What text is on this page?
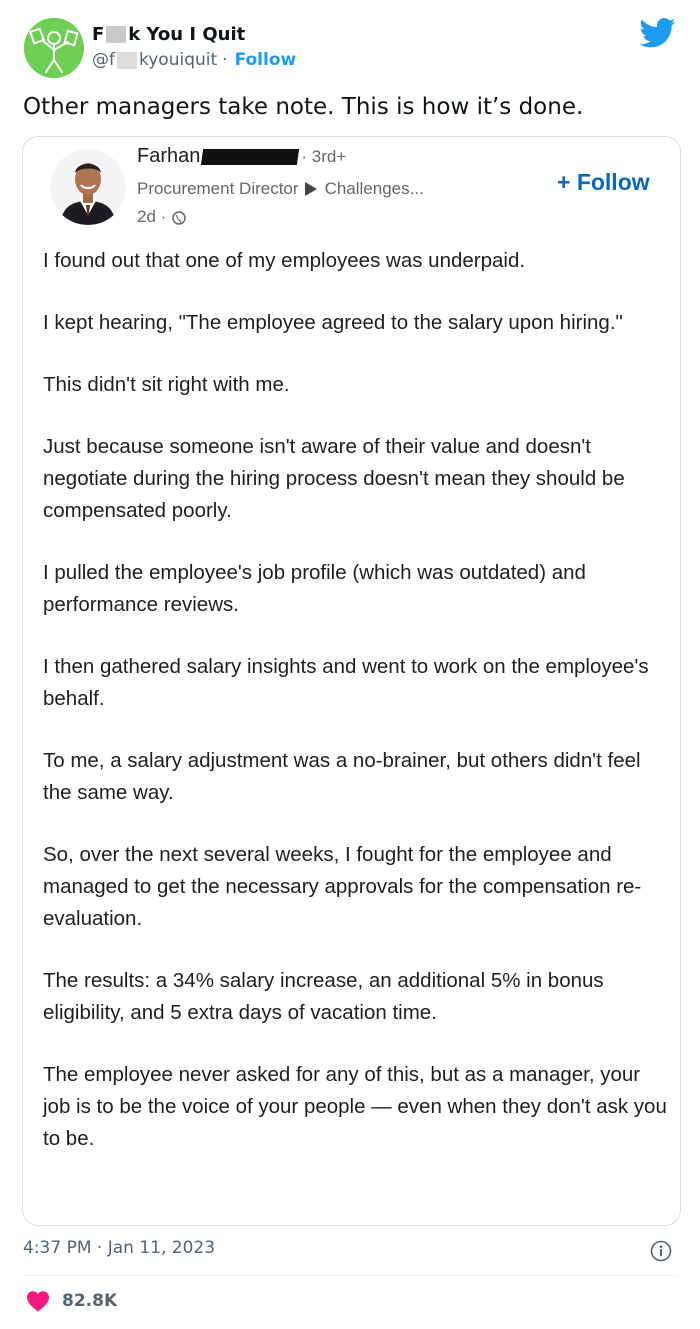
F k You I Quit
@f kyouiquit · Follow
Other managers take note. This is how it’s done.
Farhan	· 3rd+
Procurement Director Challenges...
2d ·
+ Follow

I found out that one of my employees was underpaid.

I kept hearing, "The employee agreed to the salary upon hiring."

This didn't sit right with me.

Just because someone isn't aware of their value and doesn't negotiate during the hiring process doesn't mean they should be compensated poorly.

I pulled the employee's job profile (which was outdated) and performance reviews.

I then gathered salary insights and went to work on the employee's behalf.

To me, a salary adjustment was a no-brainer, but others didn't feel the same way.

So, over the next several weeks, I fought for the employee and managed to get the necessary approvals for the compensation re-evaluation.

The results: a 34% salary increase, an additional 5% in bonus eligibility, and 5 extra days of vacation time.

The employee never asked for any of this, but as a manager, your job is to be the voice of your people — even when they don't ask you to be.

4:37 PM · Jan 11, 2023
82.8K
